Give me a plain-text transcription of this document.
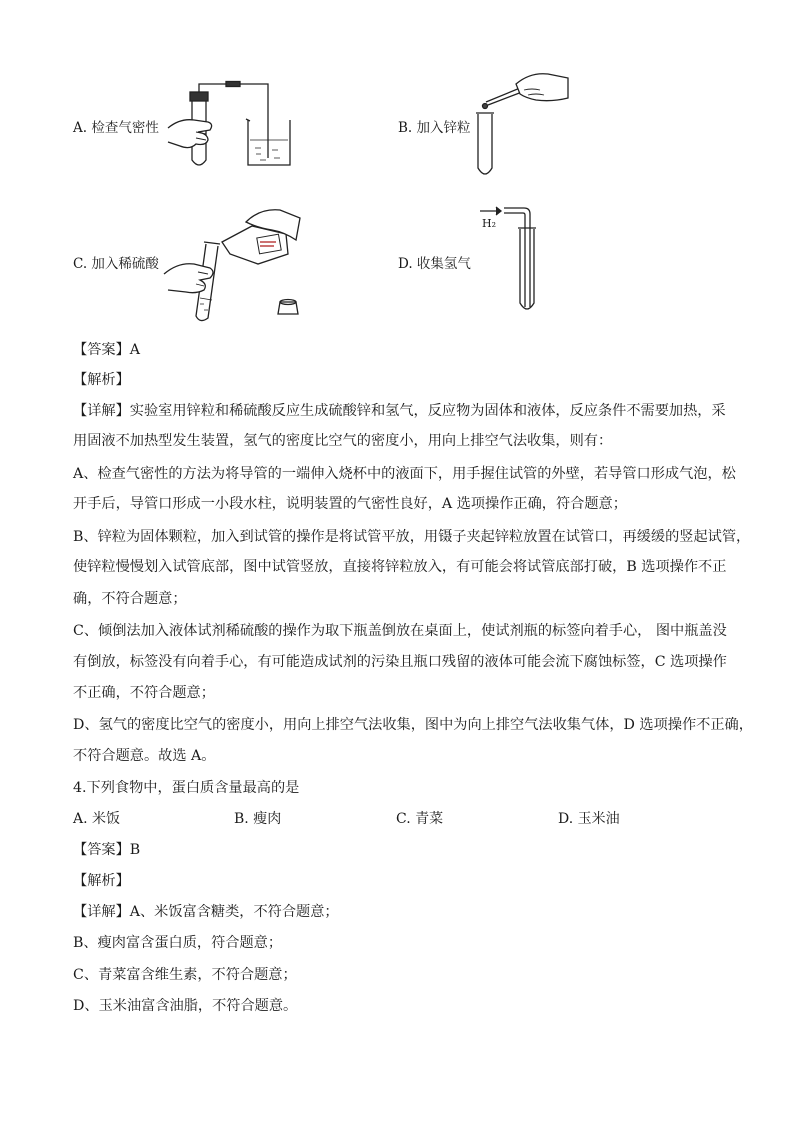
A. 检查气密性	B. 加入锌粒
C. 加入稀硫酸	D. 收集氢气
H₂
【答案】A
【解析】
【详解】实验室用锌粒和稀硫酸反应生成硫酸锌和氢气，反应物为固体和液体，反应条件不需要加热，采
用固液不加热型发生装置，氢气的密度比空气的密度小，用向上排空气法收集，则有：
A、检查气密性的方法为将导管的一端伸入烧杯中的液面下，用手握住试管的外壁，若导管口形成气泡，松
开手后，导管口形成一小段水柱，说明装置的气密性良好，A 选项操作正确，符合题意；
B、锌粒为固体颗粒，加入到试管的操作是将试管平放，用镊子夹起锌粒放置在试管口，再缓缓的竖起试管，
使锌粒慢慢划入试管底部，图中试管竖放，直接将锌粒放入，有可能会将试管底部打破，B 选项操作不正
确，不符合题意；
C、倾倒法加入液体试剂稀硫酸的操作为取下瓶盖倒放在桌面上，使试剂瓶的标签向着手心， 图中瓶盖没
有倒放，标签没有向着手心，有可能造成试剂的污染且瓶口残留的液体可能会流下腐蚀标签，C 选项操作
不正确，不符合题意；
D、氢气的密度比空气的密度小，用向上排空气法收集，图中为向上排空气法收集气体，D 选项操作不正确，
不符合题意。故选 A。
4.下列食物中，蛋白质含量最高的是
A. 米饭	B. 瘦肉	C. 青菜	D. 玉米油
【答案】B
【解析】
【详解】A、米饭富含糖类，不符合题意；
B、瘦肉富含蛋白质，符合题意；
C、青菜富含维生素，不符合题意；
D、玉米油富含油脂，不符合题意。
